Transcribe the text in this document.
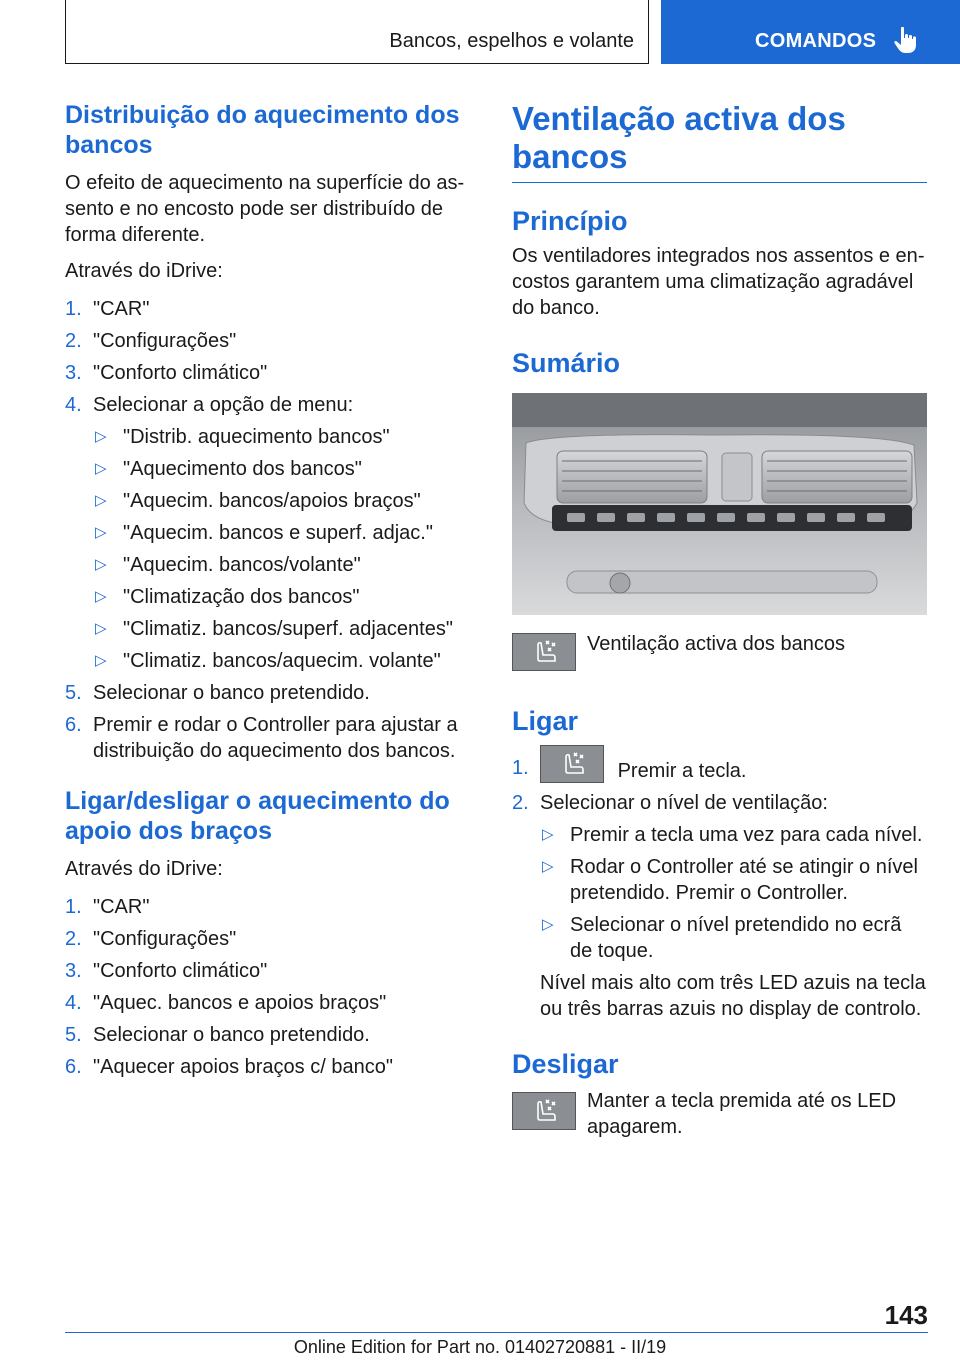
Bancos, espelhos e volante	COMANDOS
Distribuição do aquecimento dos bancos

O efeito de aquecimento na superfície do assento e no encosto pode ser distribuído de forma diferente.

Através do iDrive:

1. "CAR"
2. "Configurações"
3. "Conforto climático"
4. Selecionar a opção de menu:
▷ "Distrib. aquecimento bancos"
▷ "Aquecimento dos bancos"
▷ "Aquecim. bancos/apoios braços"
▷ "Aquecim. bancos e superf. adjac."
▷ "Aquecim. bancos/volante"
▷ "Climatização dos bancos"
▷ "Climatiz. bancos/superf. adjacentes"
▷ "Climatiz. bancos/aquecim. volante"
5. Selecionar o banco pretendido.
6. Premir e rodar o Controller para ajustar a distribuição do aquecimento dos bancos.
Ligar/desligar o aquecimento do apoio dos braços

Através do iDrive:

1. "CAR"
2. "Configurações"
3. "Conforto climático"
4. "Aquec. bancos e apoios braços"
5. Selecionar o banco pretendido.
6. "Aquecer apoios braços c/ banco"
Ventilação activa dos bancos
Princípio

Os ventiladores integrados nos assentos e encostos garantem uma climatização agradável do banco.

Sumário

Ventilação activa dos bancos

Ligar
1.	Premir a tecla.
2. Selecionar o nível de ventilação:
▷ Premir a tecla uma vez para cada nível.
▷ Rodar o Controller até se atingir o nível pretendido. Premir o Controller.
▷ Selecionar o nível pretendido no ecrã de toque.

Nível mais alto com três LED azuis na tecla ou três barras azuis no display de controlo.

Desligar

Manter a tecla premida até os LED apagarem.

143
Online Edition for Part no. 01402720881 - II/19
